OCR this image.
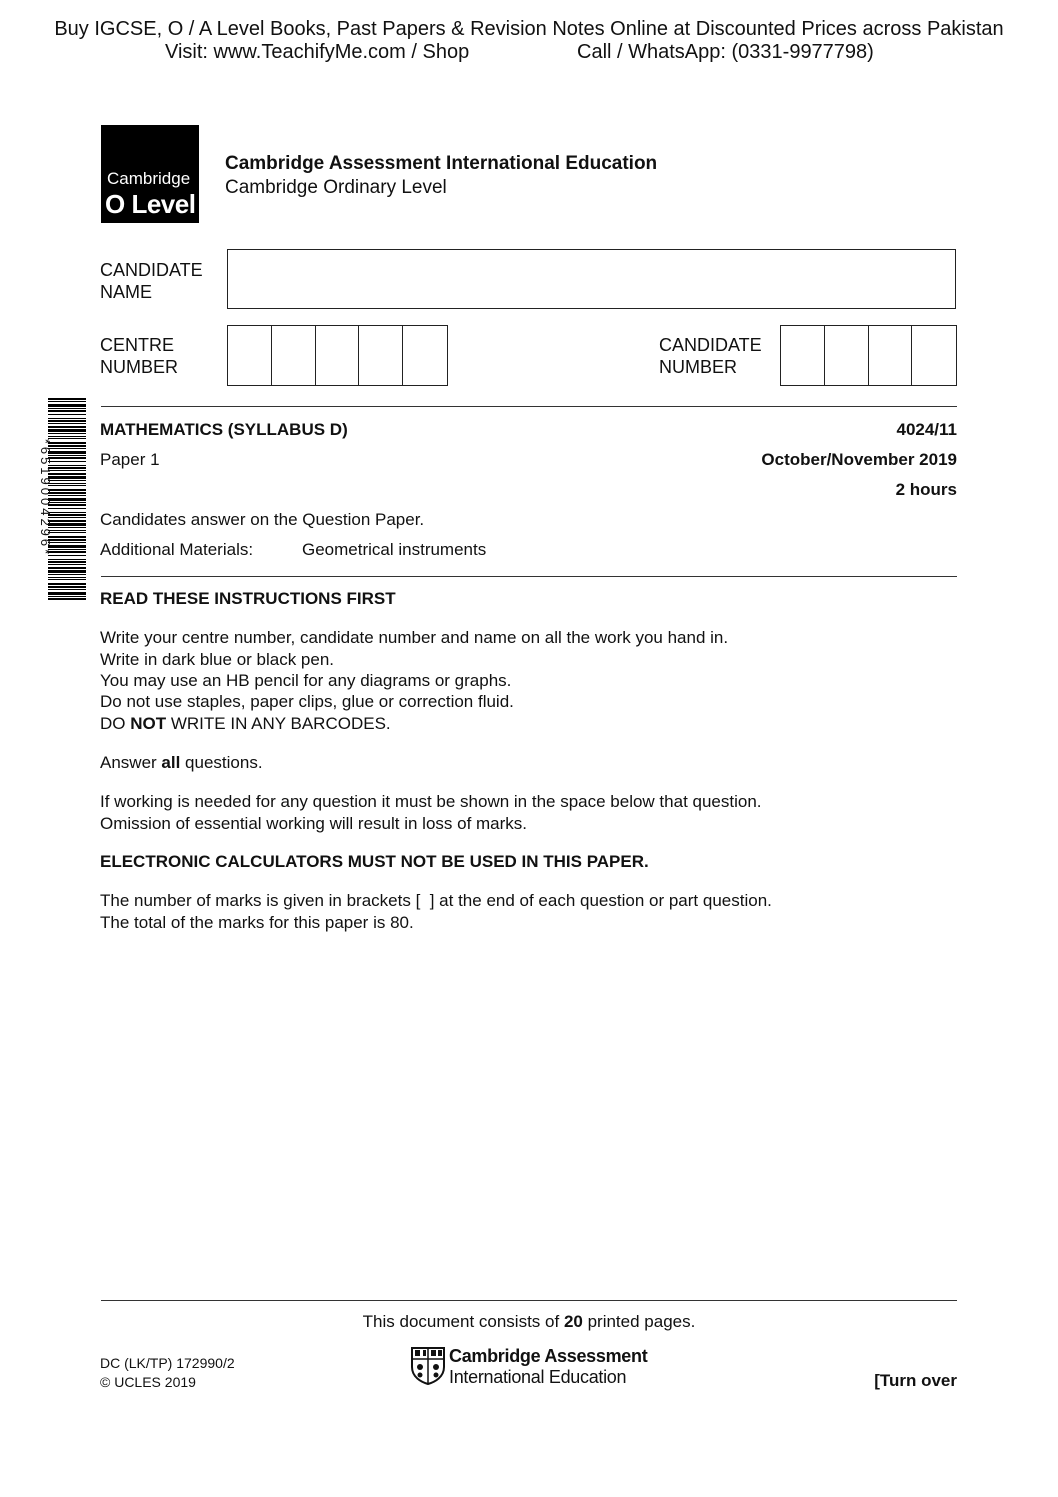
Buy IGCSE, O / A Level Books, Past Papers & Revision Notes Online at Discounted Prices across Pakistan
Visit: www.TeachifyMe.com / Shop	Call / WhatsApp: (0331-9977798)
Cambridge
O Level
Cambridge Assessment International Education
Cambridge Ordinary Level
CANDIDATE
NAME
CENTRE
NUMBER
CANDIDATE
NUMBER
*6519004296*
MATHEMATICS (SYLLABUS D)	4024/11
Paper 1	October/November 2019
2 hours
Candidates answer on the Question Paper.
Additional Materials:	Geometrical instruments
READ THESE INSTRUCTIONS FIRST
Write your centre number, candidate number and name on all the work you hand in.
Write in dark blue or black pen.
You may use an HB pencil for any diagrams or graphs.
Do not use staples, paper clips, glue or correction fluid.
DO NOT WRITE IN ANY BARCODES.
Answer all questions.
If working is needed for any question it must be shown in the space below that question.
Omission of essential working will result in loss of marks.
ELECTRONIC CALCULATORS MUST NOT BE USED IN THIS PAPER.
The number of marks is given in brackets [  ] at the end of each question or part question.
The total of the marks for this paper is 80.
This document consists of 20 printed pages.
DC (LK/TP) 172990/2
© UCLES 2019
Cambridge Assessment
International Education	[Turn over
